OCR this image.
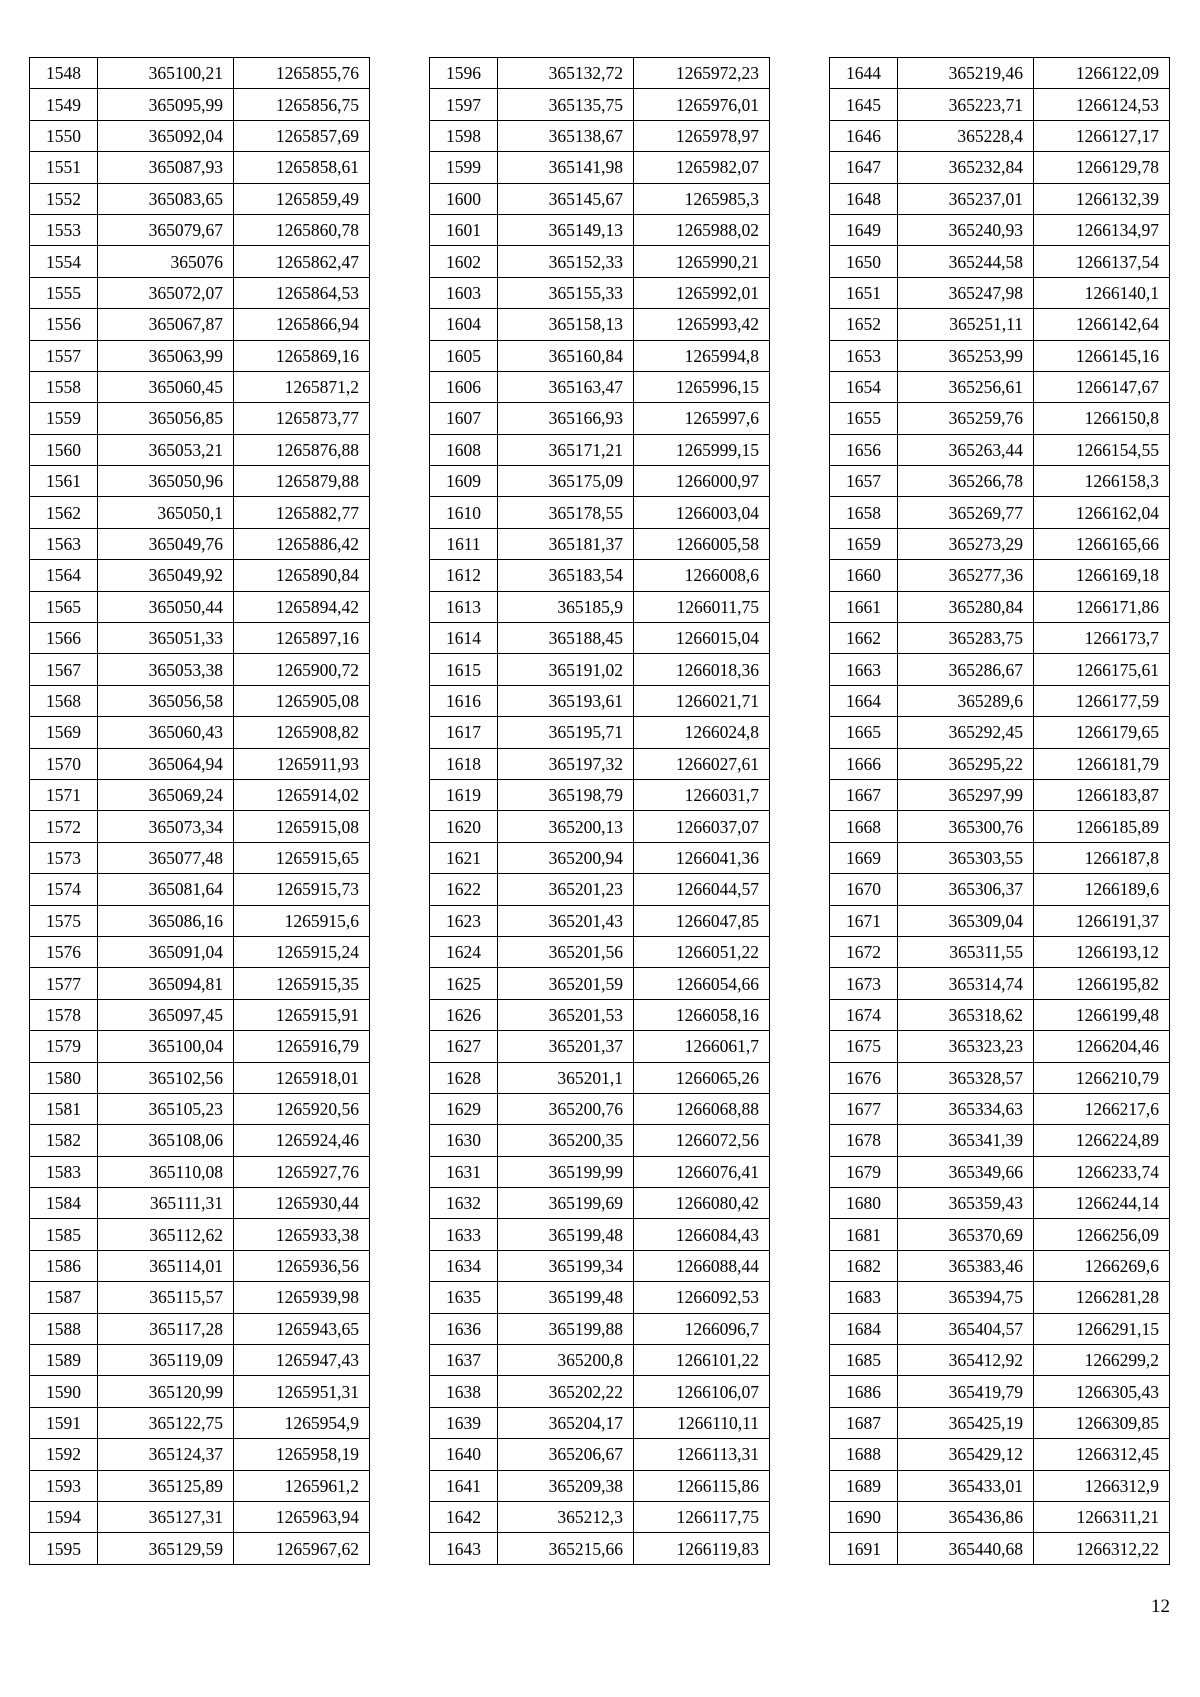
1548	365100,21	1265855,76
1549	365095,99	1265856,75
1550	365092,04	1265857,69
1551	365087,93	1265858,61
1552	365083,65	1265859,49
1553	365079,67	1265860,78
1554	365076	1265862,47
1555	365072,07	1265864,53
1556	365067,87	1265866,94
1557	365063,99	1265869,16
1558	365060,45	1265871,2
1559	365056,85	1265873,77
1560	365053,21	1265876,88
1561	365050,96	1265879,88
1562	365050,1	1265882,77
1563	365049,76	1265886,42
1564	365049,92	1265890,84
1565	365050,44	1265894,42
1566	365051,33	1265897,16
1567	365053,38	1265900,72
1568	365056,58	1265905,08
1569	365060,43	1265908,82
1570	365064,94	1265911,93
1571	365069,24	1265914,02
1572	365073,34	1265915,08
1573	365077,48	1265915,65
1574	365081,64	1265915,73
1575	365086,16	1265915,6
1576	365091,04	1265915,24
1577	365094,81	1265915,35
1578	365097,45	1265915,91
1579	365100,04	1265916,79
1580	365102,56	1265918,01
1581	365105,23	1265920,56
1582	365108,06	1265924,46
1583	365110,08	1265927,76
1584	365111,31	1265930,44
1585	365112,62	1265933,38
1586	365114,01	1265936,56
1587	365115,57	1265939,98
1588	365117,28	1265943,65
1589	365119,09	1265947,43
1590	365120,99	1265951,31
1591	365122,75	1265954,9
1592	365124,37	1265958,19
1593	365125,89	1265961,2
1594	365127,31	1265963,94
1595	365129,59	1265967,62
1596	365132,72	1265972,23
1597	365135,75	1265976,01
1598	365138,67	1265978,97
1599	365141,98	1265982,07
1600	365145,67	1265985,3
1601	365149,13	1265988,02
1602	365152,33	1265990,21
1603	365155,33	1265992,01
1604	365158,13	1265993,42
1605	365160,84	1265994,8
1606	365163,47	1265996,15
1607	365166,93	1265997,6
1608	365171,21	1265999,15
1609	365175,09	1266000,97
1610	365178,55	1266003,04
1611	365181,37	1266005,58
1612	365183,54	1266008,6
1613	365185,9	1266011,75
1614	365188,45	1266015,04
1615	365191,02	1266018,36
1616	365193,61	1266021,71
1617	365195,71	1266024,8
1618	365197,32	1266027,61
1619	365198,79	1266031,7
1620	365200,13	1266037,07
1621	365200,94	1266041,36
1622	365201,23	1266044,57
1623	365201,43	1266047,85
1624	365201,56	1266051,22
1625	365201,59	1266054,66
1626	365201,53	1266058,16
1627	365201,37	1266061,7
1628	365201,1	1266065,26
1629	365200,76	1266068,88
1630	365200,35	1266072,56
1631	365199,99	1266076,41
1632	365199,69	1266080,42
1633	365199,48	1266084,43
1634	365199,34	1266088,44
1635	365199,48	1266092,53
1636	365199,88	1266096,7
1637	365200,8	1266101,22
1638	365202,22	1266106,07
1639	365204,17	1266110,11
1640	365206,67	1266113,31
1641	365209,38	1266115,86
1642	365212,3	1266117,75
1643	365215,66	1266119,83
1644	365219,46	1266122,09
1645	365223,71	1266124,53
1646	365228,4	1266127,17
1647	365232,84	1266129,78
1648	365237,01	1266132,39
1649	365240,93	1266134,97
1650	365244,58	1266137,54
1651	365247,98	1266140,1
1652	365251,11	1266142,64
1653	365253,99	1266145,16
1654	365256,61	1266147,67
1655	365259,76	1266150,8
1656	365263,44	1266154,55
1657	365266,78	1266158,3
1658	365269,77	1266162,04
1659	365273,29	1266165,66
1660	365277,36	1266169,18
1661	365280,84	1266171,86
1662	365283,75	1266173,7
1663	365286,67	1266175,61
1664	365289,6	1266177,59
1665	365292,45	1266179,65
1666	365295,22	1266181,79
1667	365297,99	1266183,87
1668	365300,76	1266185,89
1669	365303,55	1266187,8
1670	365306,37	1266189,6
1671	365309,04	1266191,37
1672	365311,55	1266193,12
1673	365314,74	1266195,82
1674	365318,62	1266199,48
1675	365323,23	1266204,46
1676	365328,57	1266210,79
1677	365334,63	1266217,6
1678	365341,39	1266224,89
1679	365349,66	1266233,74
1680	365359,43	1266244,14
1681	365370,69	1266256,09
1682	365383,46	1266269,6
1683	365394,75	1266281,28
1684	365404,57	1266291,15
1685	365412,92	1266299,2
1686	365419,79	1266305,43
1687	365425,19	1266309,85
1688	365429,12	1266312,45
1689	365433,01	1266312,9
1690	365436,86	1266311,21
1691	365440,68	1266312,22
12
